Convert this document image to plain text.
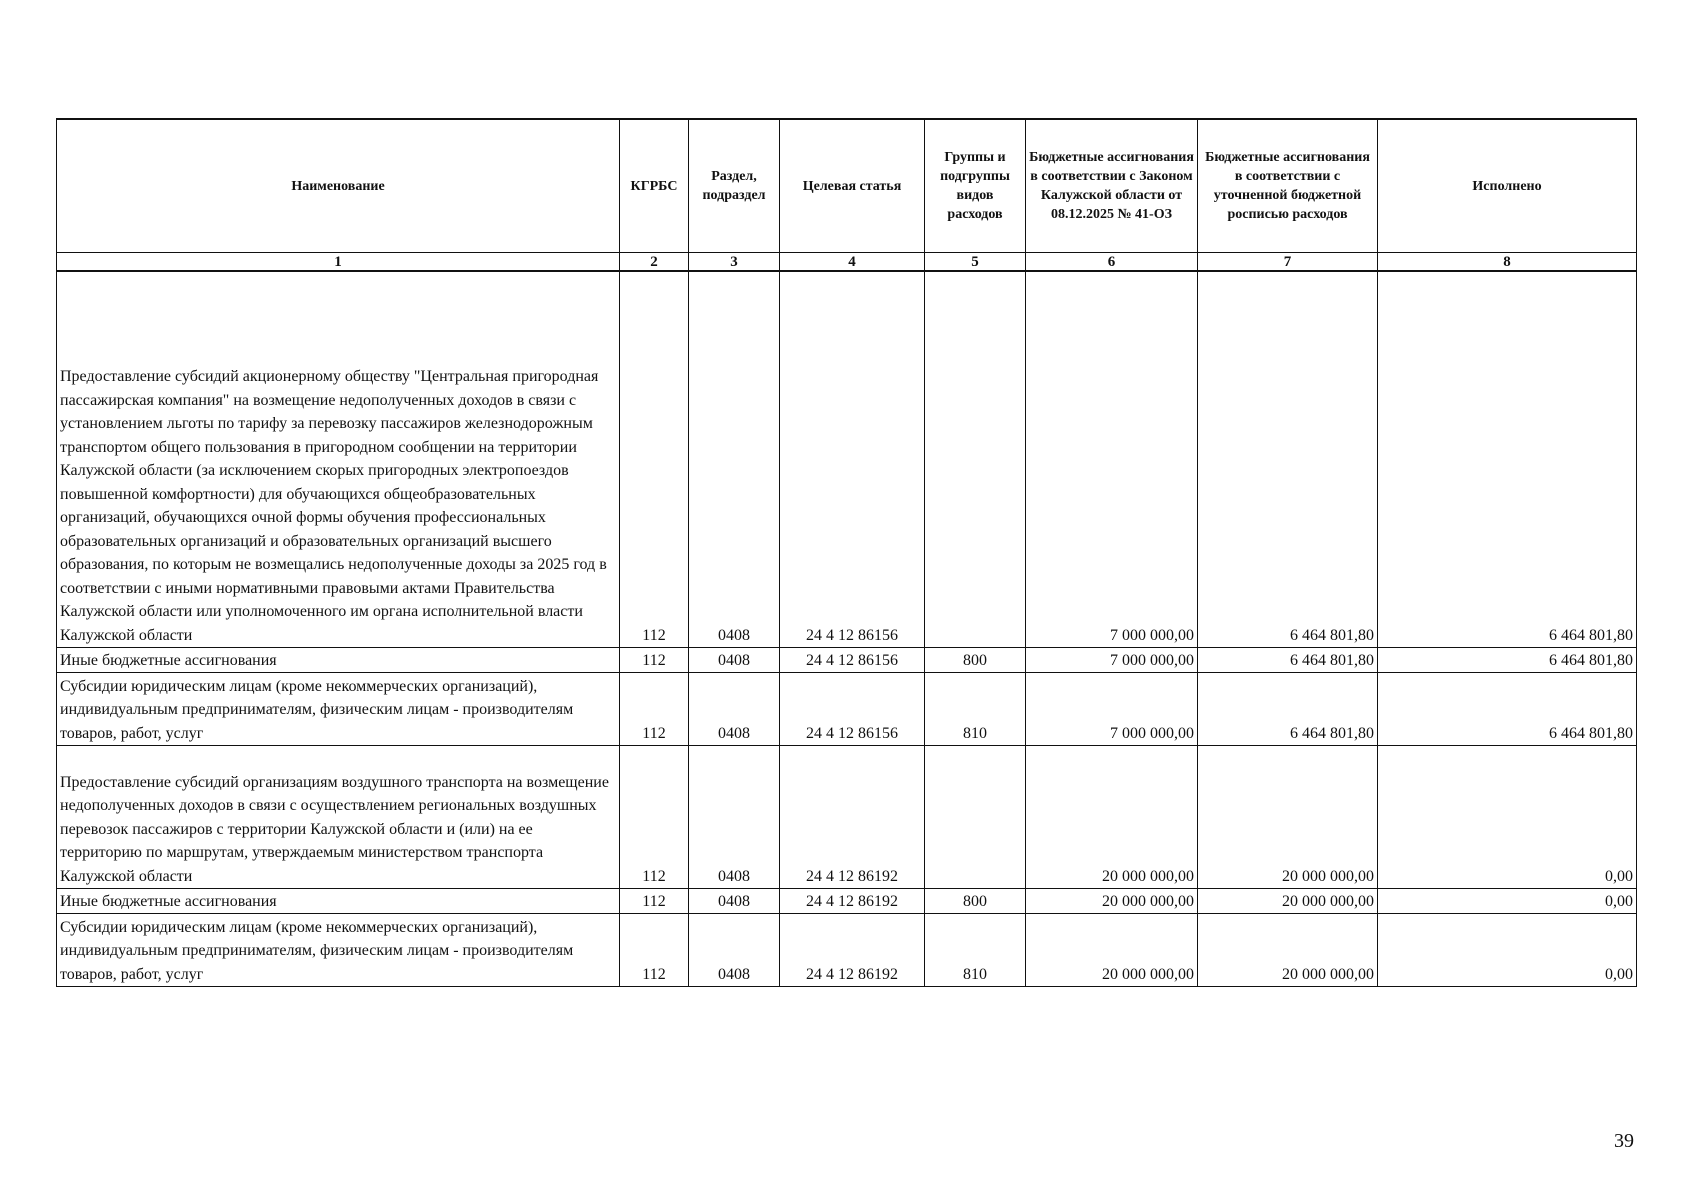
Наименование	КГРБС	Раздел, подраздел	Целевая статья	Группы и подгруппы видов расходов	Бюджетные ассигнования в соответствии с Законом Калужской области от 08.12.2025 № 41-ОЗ	Бюджетные ассигнования в соответствии с уточненной бюджетной росписью расходов	Исполнено
1	2	3	4	5	6	7	8
Предоставление субсидий акционерному обществу "Центральная пригородная пассажирская компания" на возмещение недополученных доходов в связи с установлением льготы по тарифу за перевозку пассажиров железнодорожным транспортом общего пользования в пригородном сообщении на территории Калужской области (за исключением скорых пригородных электропоездов повышенной комфортности) для обучающихся общеобразовательных организаций, обучающихся очной формы обучения профессиональных образовательных организаций и образовательных организаций высшего образования, по которым не возмещались недополученные доходы за 2025 год в соответствии с иными нормативными правовыми актами Правительства Калужской области или уполномоченного им органа исполнительной власти Калужской области	112	0408	24 4 12 86156		7 000 000,00	6 464 801,80	6 464 801,80
Иные бюджетные ассигнования	112	0408	24 4 12 86156	800	7 000 000,00	6 464 801,80	6 464 801,80
Субсидии юридическим лицам (кроме некоммерческих организаций), индивидуальным предпринимателям, физическим лицам - производителям товаров, работ, услуг	112	0408	24 4 12 86156	810	7 000 000,00	6 464 801,80	6 464 801,80
Предоставление субсидий организациям воздушного транспорта на возмещение недополученных доходов в связи с осуществлением региональных воздушных перевозок пассажиров с территории Калужской области и (или) на ее территорию по маршрутам, утверждаемым министерством транспорта Калужской области	112	0408	24 4 12 86192		20 000 000,00	20 000 000,00	0,00
Иные бюджетные ассигнования	112	0408	24 4 12 86192	800	20 000 000,00	20 000 000,00	0,00
Субсидии юридическим лицам (кроме некоммерческих организаций), индивидуальным предпринимателям, физическим лицам - производителям товаров, работ, услуг	112	0408	24 4 12 86192	810	20 000 000,00	20 000 000,00	0,00
39
